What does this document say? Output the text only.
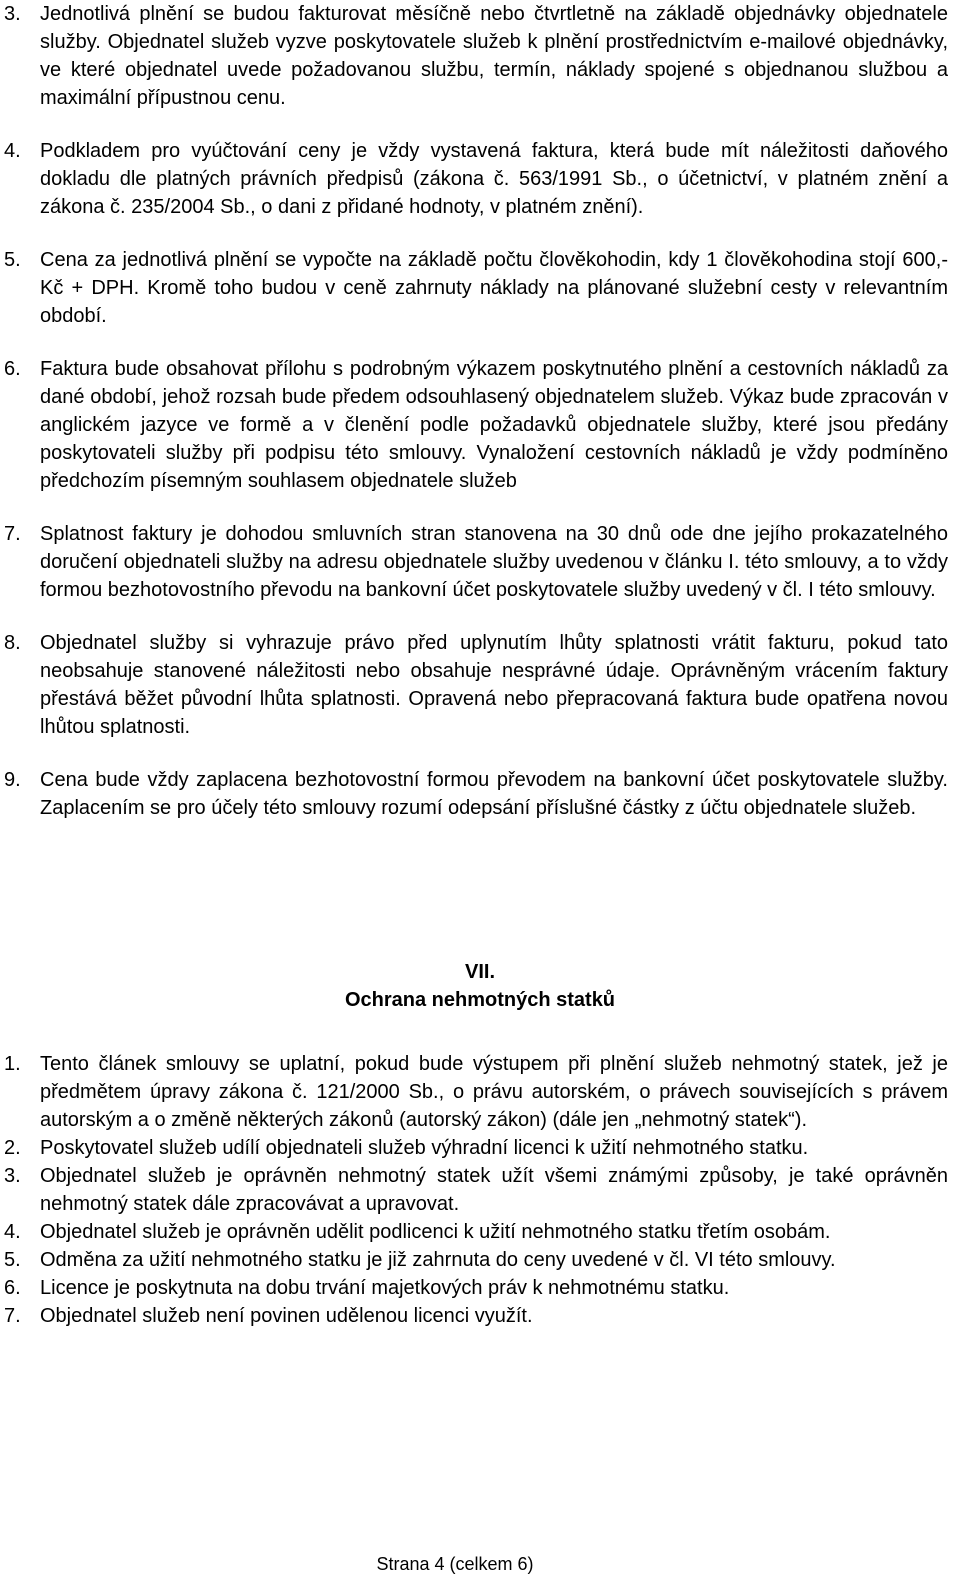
3. Jednotlivá plnění se budou fakturovat měsíčně nebo čtvrtletně na základě objednávky objednatele služby. Objednatel služeb vyzve poskytovatele služeb k plnění prostřednictvím e-mailové objednávky, ve které objednatel uvede požadovanou službu, termín, náklady spojené s objednanou službou a maximální přípustnou cenu.
4. Podkladem pro vyúčtování ceny je vždy vystavená faktura, která bude mít náležitosti daňového dokladu dle platných právních předpisů (zákona č. 563/1991 Sb., o účetnictví, v platném znění a zákona č. 235/2004 Sb., o dani z přidané hodnoty, v platném znění).
5. Cena za jednotlivá plnění se vypočte na základě počtu člověkohodin, kdy 1 člověkohodina stojí 600,- Kč + DPH. Kromě toho budou v ceně zahrnuty náklady na plánované služební cesty v relevantním období.
6. Faktura bude obsahovat přílohu s podrobným výkazem poskytnutého plnění a cestovních nákladů za dané období, jehož rozsah bude předem odsouhlasený objednatelem služeb. Výkaz bude zpracován v anglickém jazyce ve formě a v členění podle požadavků objednatele služby, které jsou předány poskytovateli služby při podpisu této smlouvy. Vynaložení cestovních nákladů je vždy podmíněno předchozím písemným souhlasem objednatele služeb
7. Splatnost faktury je dohodou smluvních stran stanovena na 30 dnů ode dne jejího prokazatelného doručení objednateli služby na adresu objednatele služby uvedenou v článku I. této smlouvy, a to vždy formou bezhotovostního převodu na bankovní účet poskytovatele služby uvedený v čl. I této smlouvy.
8. Objednatel služby si vyhrazuje právo před uplynutím lhůty splatnosti vrátit fakturu, pokud tato neobsahuje stanovené náležitosti nebo obsahuje nesprávné údaje. Oprávněným vrácením faktury přestává běžet původní lhůta splatnosti. Opravená nebo přepracovaná faktura bude opatřena novou lhůtou splatnosti.
9. Cena bude vždy zaplacena bezhotovostní formou převodem na bankovní účet poskytovatele služby. Zaplacením se pro účely této smlouvy rozumí odepsání příslušné částky z účtu objednatele služeb.
VII.
Ochrana nehmotných statků
1. Tento článek smlouvy se uplatní, pokud bude výstupem při plnění služeb nehmotný statek, jež je předmětem úpravy zákona č. 121/2000 Sb., o právu autorském, o právech souvisejících s právem autorským a o změně některých zákonů (autorský zákon) (dále jen „nehmotný statek“).
2. Poskytovatel služeb udílí objednateli služeb výhradní licenci k užití nehmotného statku.
3. Objednatel služeb je oprávněn nehmotný statek užít všemi známými způsoby, je také oprávněn nehmotný statek dále zpracovávat a upravovat.
4. Objednatel služeb je oprávněn udělit podlicenci k užití nehmotného statku třetím osobám.
5. Odměna za užití nehmotného statku je již zahrnuta do ceny uvedené v čl. VI této smlouvy.
6. Licence je poskytnuta na dobu trvání majetkových práv k nehmotnému statku.
7. Objednatel služeb není povinen udělenou licenci využít.
Strana 4 (celkem 6)
